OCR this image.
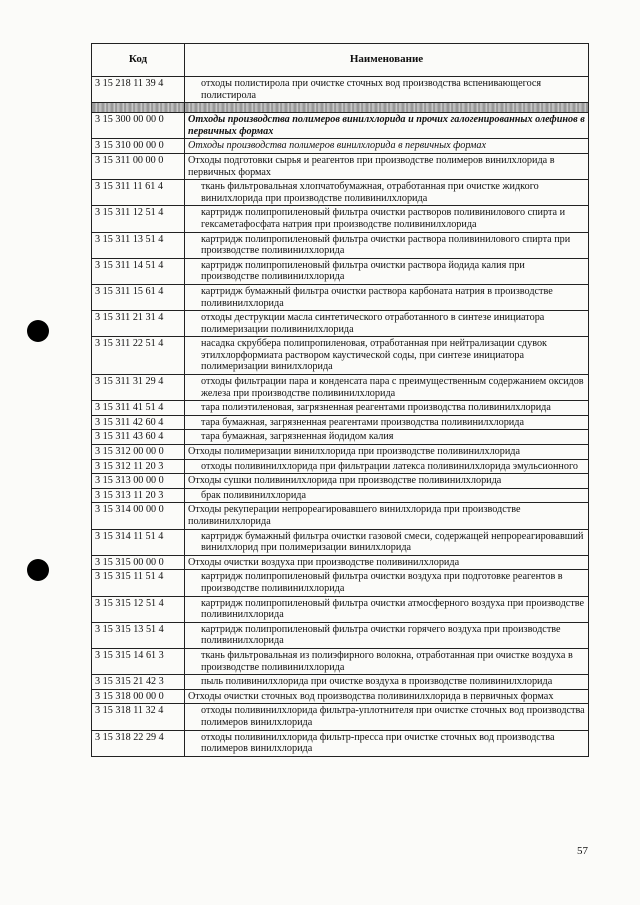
Код	Наименование
3 15 218 11 39 4	отходы полистирола при очистке сточных вод производства вспенивающегося полистирола

3 15 300 00 00 0	Отходы производства полимеров винилхлорида и прочих галогенированных олефинов в первичных формах
3 15 310 00 00 0	Отходы производства полимеров винилхлорида в первичных формах
3 15 311 00 00 0	Отходы подготовки сырья и реагентов при производстве полимеров винилхлорида в первичных формах
3 15 311 11 61 4	ткань фильтровальная хлопчатобумажная, отработанная при очистке жидкого винилхлорида при производстве поливинилхлорида
3 15 311 12 51 4	картридж полипропиленовый фильтра очистки растворов поливинилового спирта и гексаметафосфата натрия при производстве поливинилхлорида
3 15 311 13 51 4	картридж полипропиленовый фильтра очистки раствора поливинилового спирта при производстве поливинилхлорида
3 15 311 14 51 4	картридж полипропиленовый фильтра очистки раствора йодида калия при производстве поливинилхлорида
3 15 311 15 61 4	картридж бумажный фильтра очистки раствора карбоната натрия в производстве поливинилхлорида
3 15 311 21 31 4	отходы деструкции масла синтетического отработанного в синтезе инициатора полимеризации поливинилхлорида
3 15 311 22 51 4	насадка скруббера полипропиленовая, отработанная при нейтрализации сдувок этилхлорформиата раствором каустической соды, при синтезе инициатора полимеризации винилхлорида
3 15 311 31 29 4	отходы фильтрации пара и конденсата пара с преимущественным содержанием оксидов железа при производстве поливинилхлорида
3 15 311 41 51 4	тара полиэтиленовая, загрязненная реагентами производства поливинилхлорида
3 15 311 42 60 4	тара бумажная, загрязненная реагентами производства поливинилхлорида
3 15 311 43 60 4	тара бумажная, загрязненная йодидом калия
3 15 312 00 00 0	Отходы полимеризации винилхлорида при производстве поливинилхлорида
3 15 312 11 20 3	отходы поливинилхлорида при фильтрации латекса поливинилхлорида эмульсионного
3 15 313 00 00 0	Отходы сушки поливинилхлорида при производстве поливинилхлорида
3 15 313 11 20 3	брак поливинилхлорида
3 15 314 00 00 0	Отходы рекуперации непрореагировавшего винилхлорида при производстве поливинилхлорида
3 15 314 11 51 4	картридж бумажный фильтра очистки газовой смеси, содержащей непрореагировавший винилхлорид при полимеризации винилхлорида
3 15 315 00 00 0	Отходы очистки воздуха при производстве поливинилхлорида
3 15 315 11 51 4	картридж полипропиленовый фильтра очистки воздуха при подготовке реагентов в производстве поливинилхлорида
3 15 315 12 51 4	картридж полипропиленовый фильтра очистки атмосферного воздуха при производстве поливинилхлорида
3 15 315 13 51 4	картридж полипропиленовый фильтра очистки горячего воздуха при производстве поливинилхлорида
3 15 315 14 61 3	ткань фильтровальная из полиэфирного волокна, отработанная при очистке воздуха в производстве поливинилхлорида
3 15 315 21 42 3	пыль поливинилхлорида при очистке воздуха в производстве поливинилхлорида
3 15 318 00 00 0	Отходы очистки сточных вод производства поливинилхлорида в первичных формах
3 15 318 11 32 4	отходы поливинилхлорида фильтра-уплотнителя при очистке сточных вод производства полимеров винилхлорида
3 15 318 22 29 4	отходы поливинилхлорида фильтр-пресса при очистке сточных вод производства полимеров винилхлорида
57
